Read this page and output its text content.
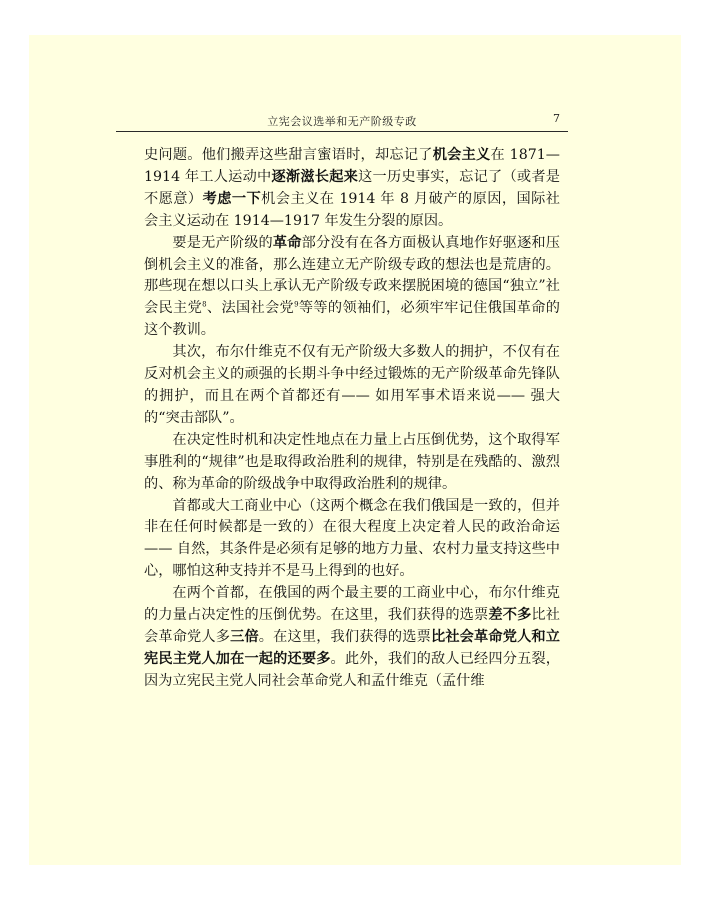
立宪会议选举和无产阶级专政	7

史问题。他们搬弄这些甜言蜜语时，却忘记了机会主义在 1871—1914 年工人运动中逐渐滋长起来这一历史事实，忘记了（或者是不愿意）考虑一下机会主义在 1914 年 8 月破产的原因，国际社会主义运动在 1914—1917 年发生分裂的原因。

要是无产阶级的革命部分没有在各方面极认真地作好驱逐和压倒机会主义的准备，那么连建立无产阶级专政的想法也是荒唐的。那些现在想以口头上承认无产阶级专政来摆脱困境的德国“独立”社会民主党$^8$、法国社会党$^9$等等的领袖们，必须牢牢记住俄国革命的这个教训。

其次，布尔什维克不仅有无产阶级大多数人的拥护，不仅有在反对机会主义的顽强的长期斗争中经过锻炼的无产阶级革命先锋队的拥护，而且在两个首都还有—— 如用军事术语来说—— 强大的“突击部队”。

在决定性时机和决定性地点在力量上占压倒优势，这个取得军事胜利的“规律”也是取得政治胜利的规律，特别是在残酷的、激烈的、称为革命的阶级战争中取得政治胜利的规律。

首都或大工商业中心（这两个概念在我们俄国是一致的，但并非在任何时候都是一致的）在很大程度上决定着人民的政治命运—— 自然，其条件是必须有足够的地方力量、农村力量支持这些中心，哪怕这种支持并不是马上得到的也好。

在两个首都，在俄国的两个最主要的工商业中心，布尔什维克的力量占决定性的压倒优势。在这里，我们获得的选票差不多比社会革命党人多三倍。在这里，我们获得的选票比社会革命党人和立宪民主党人加在一起的还要多。此外，我们的敌人已经四分五裂，因为立宪民主党人同社会革命党人和孟什维克（孟什维
